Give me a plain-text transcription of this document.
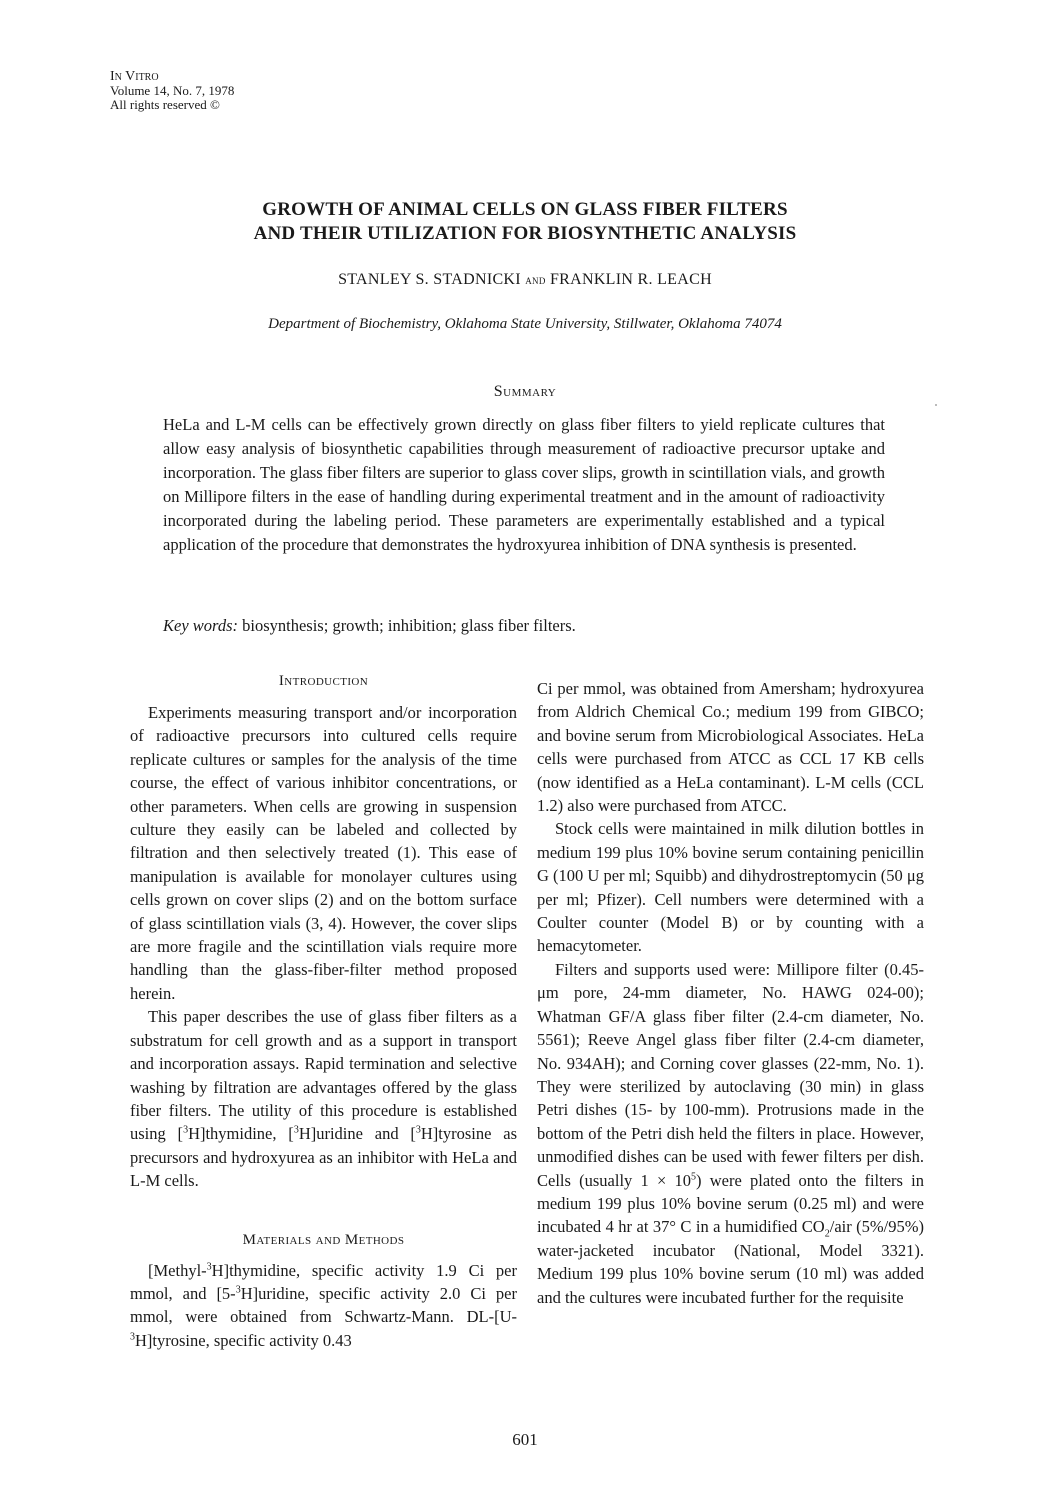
In Vitro
Volume 14, No. 7, 1978
All rights reserved ©
GROWTH OF ANIMAL CELLS ON GLASS FIBER FILTERS
AND THEIR UTILIZATION FOR BIOSYNTHETIC ANALYSIS
STANLEY S. STADNICKI and FRANKLIN R. LEACH
Department of Biochemistry, Oklahoma State University, Stillwater, Oklahoma 74074
Summary

HeLa and L-M cells can be effectively grown directly on glass fiber filters to yield replicate cultures that allow easy analysis of biosynthetic capabilities through measurement of radioactive precursor uptake and incorporation. The glass fiber filters are superior to glass cover slips, growth in scintillation vials, and growth on Millipore filters in the ease of handling during experimental treatment and in the amount of radioactivity incorporated during the labeling period. These parameters are experimentally established and a typical application of the procedure that demonstrates the hydroxyurea inhibition of DNA synthesis is presented.

Key words: biosynthesis; growth; inhibition; glass fiber filters.
Introduction

Experiments measuring transport and/or incorporation of radioactive precursors into cultured cells require replicate cultures or samples for the analysis of the time course, the effect of various inhibitor concentrations, or other parameters. When cells are growing in suspension culture they easily can be labeled and collected by filtration and then selectively treated (1). This ease of manipulation is available for monolayer cultures using cells grown on cover slips (2) and on the bottom surface of glass scintillation vials (3, 4). However, the cover slips are more fragile and the scintillation vials require more handling than the glass-fiber-filter method proposed herein.

This paper describes the use of glass fiber filters as a substratum for cell growth and as a support in transport and incorporation assays. Rapid termination and selective washing by filtration are advantages offered by the glass fiber filters. The utility of this procedure is established using [$^3$H]thymidine, [$^3$H]uridine and [$^3$H]tyrosine as precursors and hydroxyurea as an inhibitor with HeLa and L-M cells.

Materials and Methods

[Methyl-$^3$H]thymidine, specific activity 1.9 Ci per mmol, and [5-$^3$H]uridine, specific activity 2.0 Ci per mmol, were obtained from Schwartz-Mann. DL-[U-$^3$H]tyrosine, specific activity 0.43

Ci per mmol, was obtained from Amersham; hydroxyurea from Aldrich Chemical Co.; medium 199 from GIBCO; and bovine serum from Microbiological Associates. HeLa cells were purchased from ATCC as CCL 17 KB cells (now identified as a HeLa contaminant). L-M cells (CCL 1.2) also were purchased from ATCC.

Stock cells were maintained in milk dilution bottles in medium 199 plus 10% bovine serum containing penicillin G (100 U per ml; Squibb) and dihydrostreptomycin (50 μg per ml; Pfizer). Cell numbers were determined with a Coulter counter (Model B) or by counting with a hemacytometer.

Filters and supports used were: Millipore filter (0.45-μm pore, 24-mm diameter, No. HAWG 024-00); Whatman GF/A glass fiber filter (2.4-cm diameter, No. 5561); Reeve Angel glass fiber filter (2.4-cm diameter, No. 934AH); and Corning cover glasses (22-mm, No. 1). They were sterilized by autoclaving (30 min) in glass Petri dishes (15- by 100-mm). Protrusions made in the bottom of the Petri dish held the filters in place. However, unmodified dishes can be used with fewer filters per dish. Cells (usually $1 \times 10^5$) were plated onto the filters in medium 199 plus 10% bovine serum (0.25 ml) and were incubated 4 hr at 37° C in a humidified $CO_2$/air (5%/95%) water-jacketed incubator (National, Model 3321). Medium 199 plus 10% bovine serum (10 ml) was added and the cultures were incubated further for the requisite

601
